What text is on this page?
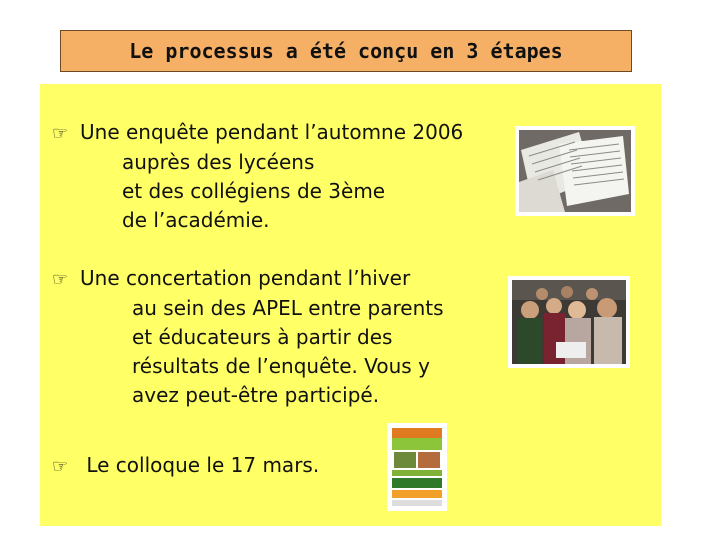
Le processus a été conçu en 3 étapes
☞ Une enquête pendant l’automne 2006
auprès des lycéens
et des collégiens de 3ème
de l’académie.
☞ Une concertation pendant l’hiver
au sein des APEL entre parents
et éducateurs à partir des
résultats de l’enquête. Vous y
avez peut-être participé.
☞ Le colloque le 17 mars.
